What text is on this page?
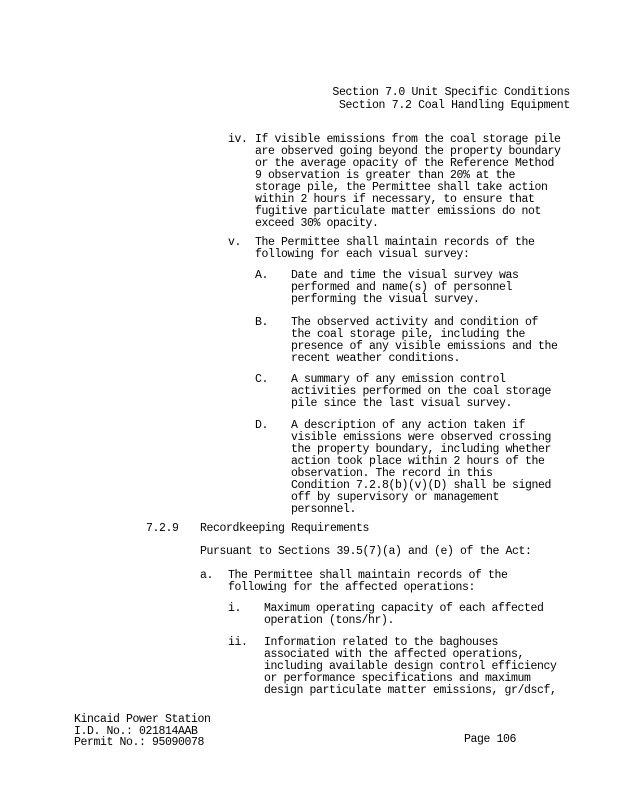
Section 7.0 Unit Specific Conditions
Section 7.2 Coal Handling Equipment
iv. If visible emissions from the coal storage pile
are observed going beyond the property boundary
or the average opacity of the Reference Method
9 observation is greater than 20% at the
storage pile, the Permittee shall take action
within 2 hours if necessary, to ensure that
fugitive particulate matter emissions do not
exceed 30% opacity.
v. The Permittee shall maintain records of the
following for each visual survey:
A. Date and time the visual survey was
performed and name(s) of personnel
performing the visual survey.
B. The observed activity and condition of
the coal storage pile, including the
presence of any visible emissions and the
recent weather conditions.
C. A summary of any emission control
activities performed on the coal storage
pile since the last visual survey.
D. A description of any action taken if
visible emissions were observed crossing
the property boundary, including whether
action took place within 2 hours of the
observation. The record in this
Condition 7.2.8(b)(v)(D) shall be signed
off by supervisory or management
personnel.
7.2.9 Recordkeeping Requirements
Pursuant to Sections 39.5(7)(a) and (e) of the Act:
a. The Permittee shall maintain records of the
following for the affected operations:
i. Maximum operating capacity of each affected
operation (tons/hr).
ii. Information related to the baghouses
associated with the affected operations,
including available design control efficiency
or performance specifications and maximum
design particulate matter emissions, gr/dscf,
Kincaid Power Station
I.D. No.: 021814AAB
Permit No.: 95090078	Page 106
